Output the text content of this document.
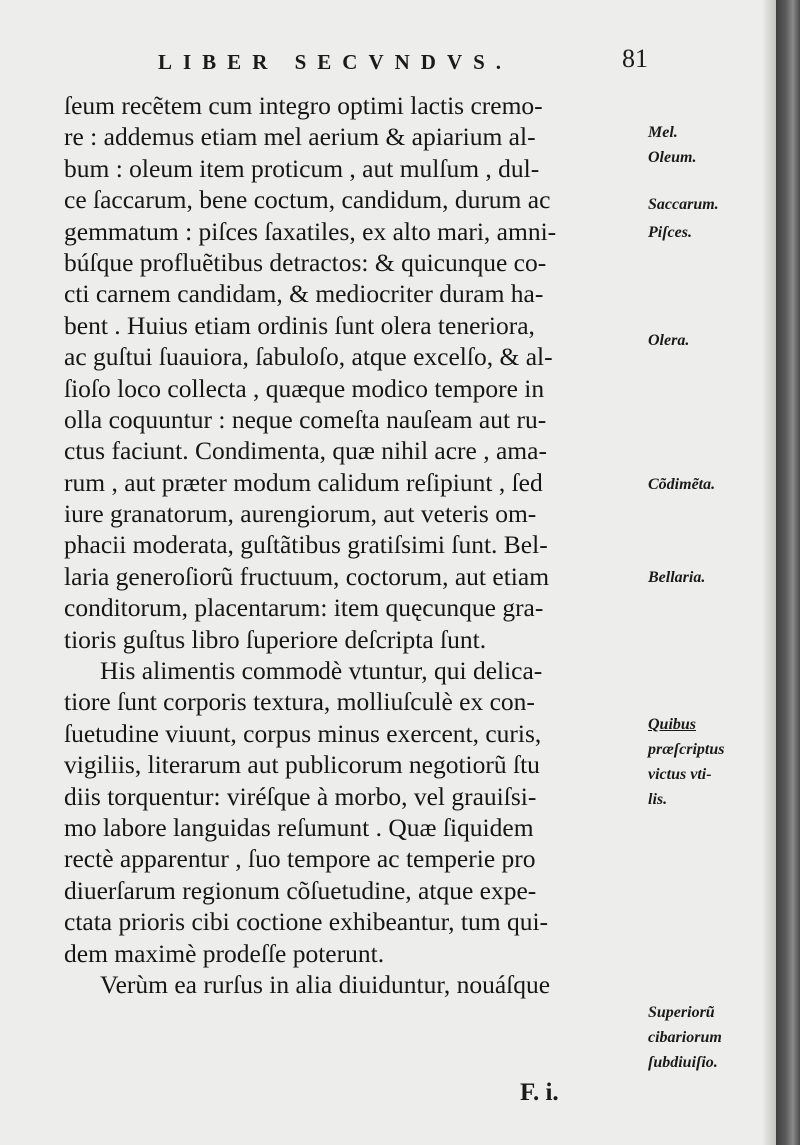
LIBER SECVNDVS.	81
ſeum recẽtem cum integro optimi lactis cremo-
re : addemus etiam mel aerium & apiarium al-
bum : oleum item proticum , aut mulſum , dul-
ce ſaccarum, bene coctum, candidum, durum ac
gemmatum : piſces ſaxatiles, ex alto mari, amni-
búſque profluẽtibus detractos: & quicunque co-
cti carnem candidam, & mediocriter duram ha-
bent . Huius etiam ordinis ſunt olera teneriora,
ac guſtui ſuauiora, ſabuloſo, atque excelſo, & al-
ſioſo loco collecta , quæque modico tempore in
olla coquuntur : neque comeſta nauſeam aut ru-
ctus faciunt. Condimenta, quæ nihil acre , ama-
rum , aut præter modum calidum reſipiunt , ſed
iure granatorum, aurengiorum, aut veteris om-
phacii moderata, guſtãtibus gratiſsimi ſunt. Bel-
laria generoſiorũ fructuum, coctorum, aut etiam
conditorum, placentarum: item quęcunque gra-
tioris guſtus libro ſuperiore deſcripta ſunt.
His alimentis commodè vtuntur, qui delica-
tiore ſunt corporis textura, molliuſculè ex con-
ſuetudine viuunt, corpus minus exercent, curis,
vigiliis, literarum aut publicorum negotiorũ ſtu
diis torquentur: viréſque à morbo, vel grauiſsi-
mo labore languidas reſumunt . Quæ ſiquidem
rectè apparentur , ſuo tempore ac temperie pro
diuerſarum regionum cõſuetudine, atque expe-
ctata prioris cibi coctione exhibeantur, tum qui-
dem maximè prodeſſe poterunt.
Verùm ea rurſus in alia diuiduntur, nouáſque
Mel.
Oleum.
Saccarum.
Piſces.
Olera.
Cõdimẽta.
Bellaria.
Quibus
præſcriptus
victus vti-
lis.
Superiorũ
cibariorum
ſubdiuiſio.
F. i.
